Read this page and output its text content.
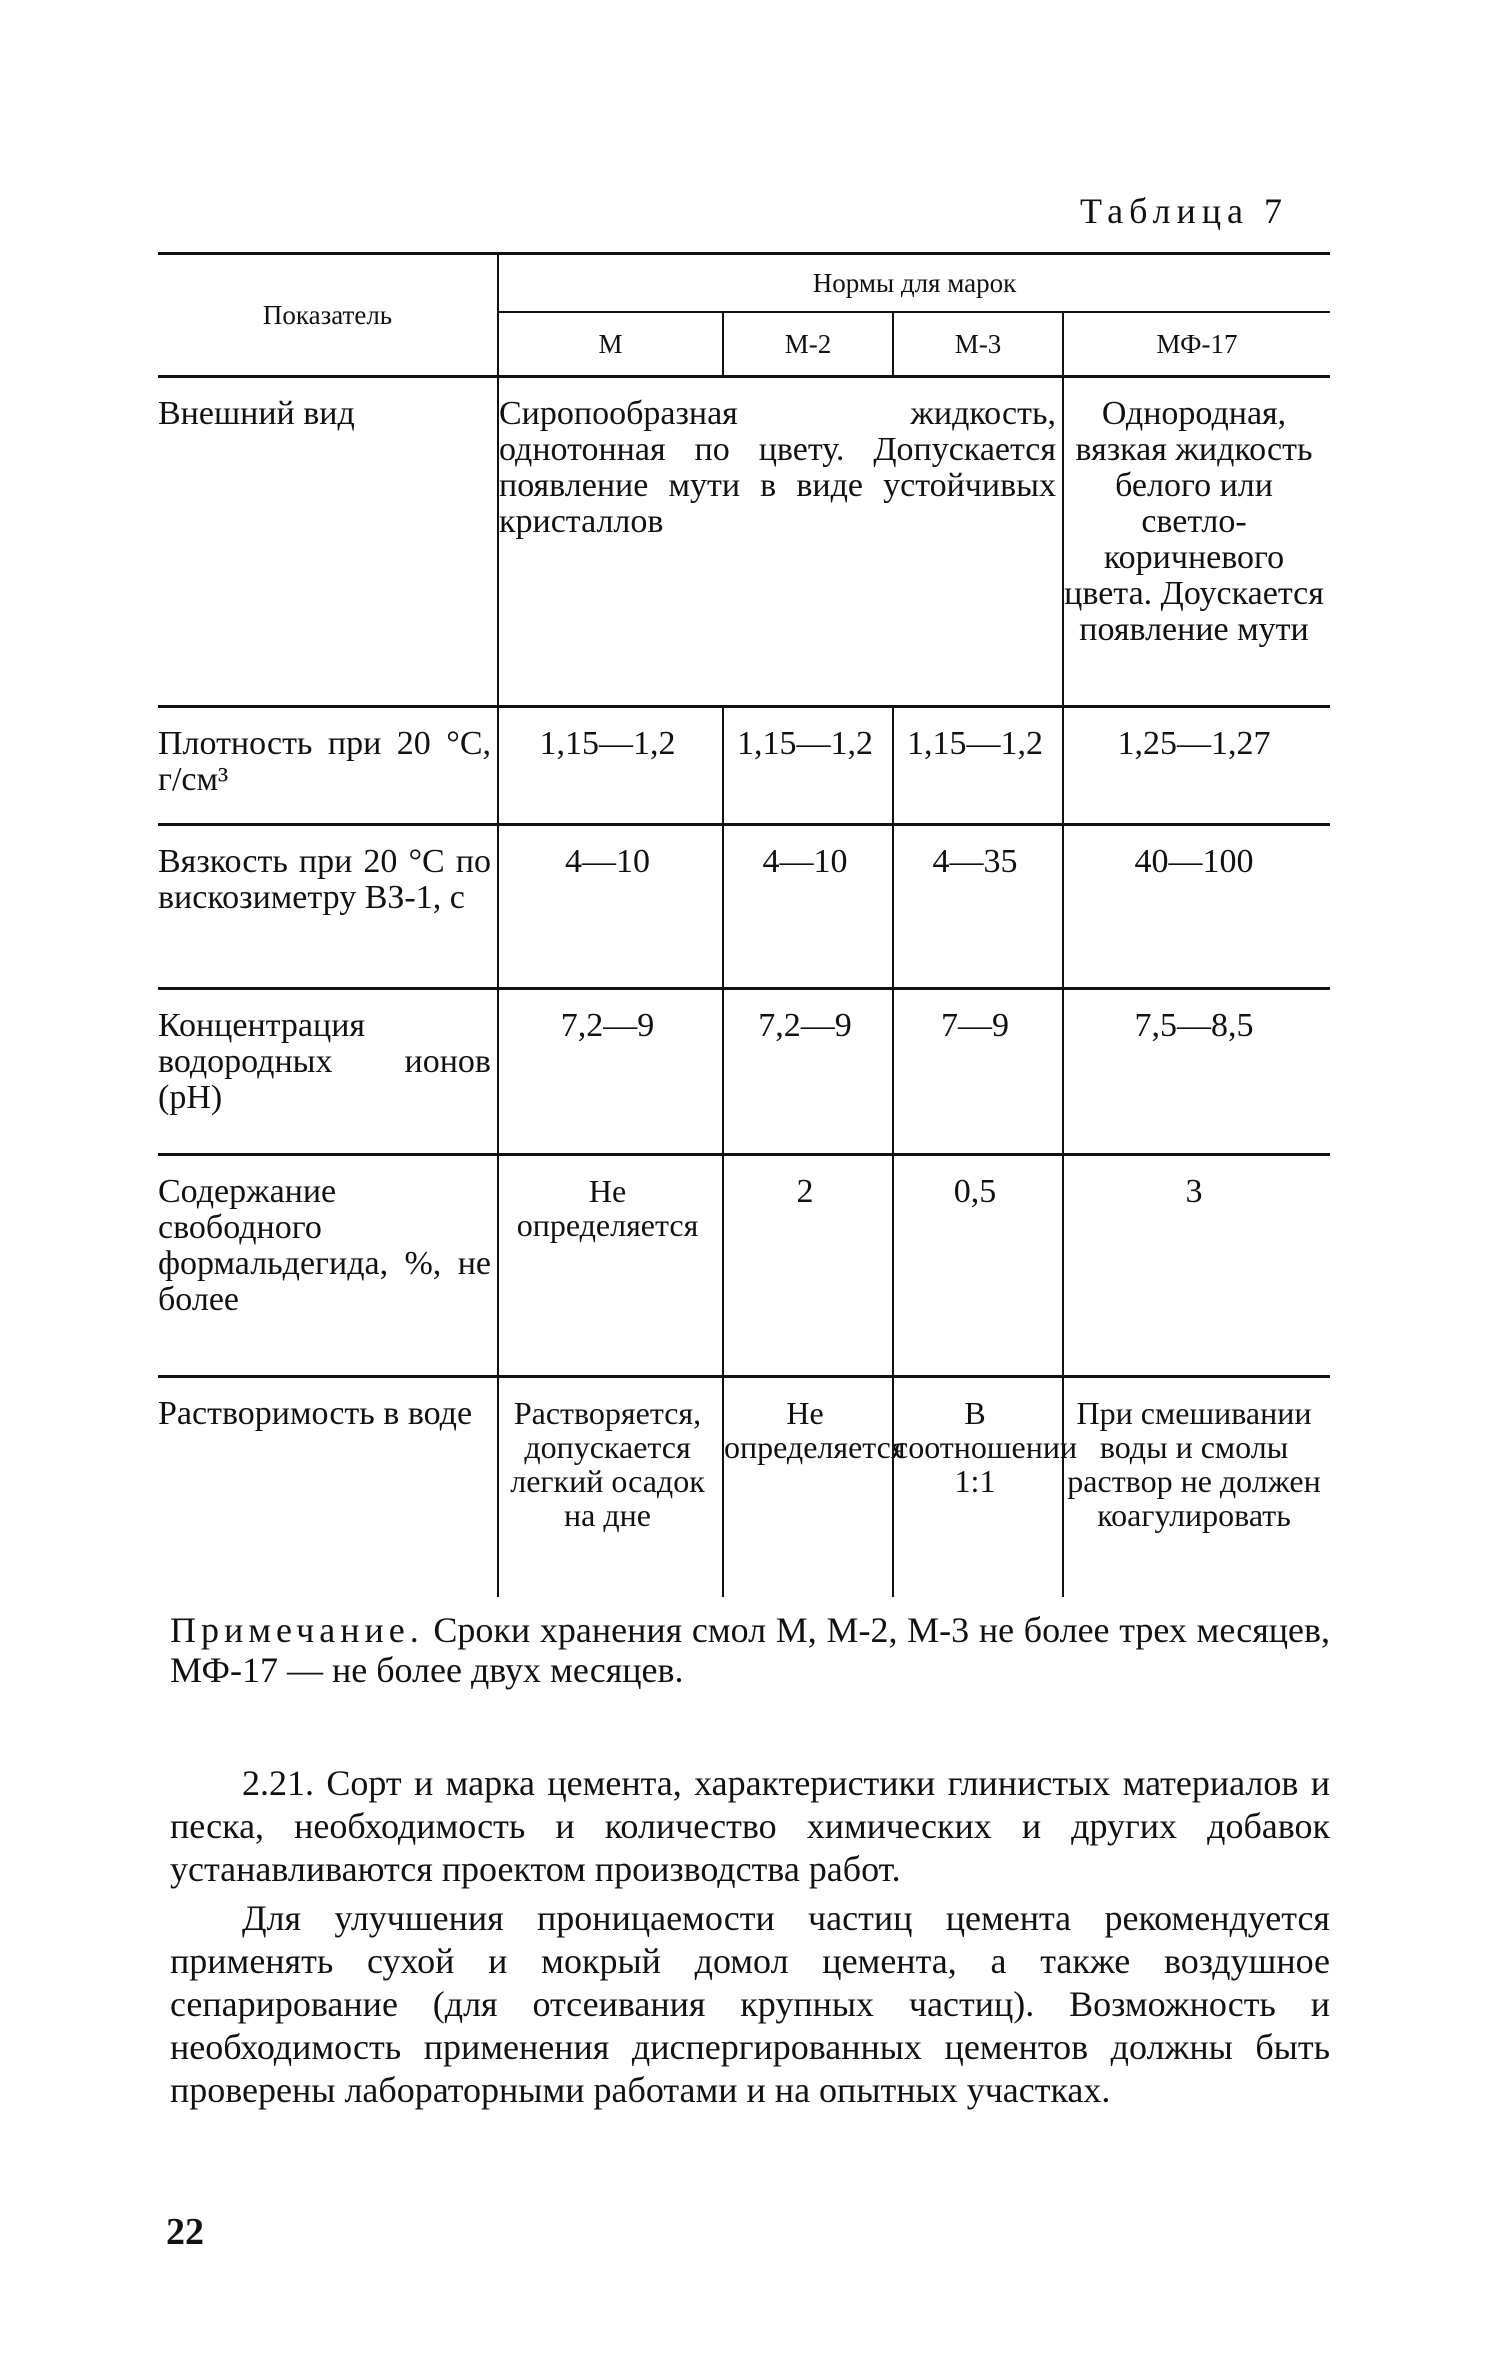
Таблица 7
Показатель	Нормы для марок			
	М	М-2	М-3	МФ-17
Внешний вид	Сиропообразная жидкость, однотонная по цвету. Допускается появление мути в виде устойчивых кристаллов			Однородная, вязкая жидкость белого или светло-коричневого цвета. Доускается появление мути
Плотность при 20 °С, г/см³	1,15—1,2	1,15—1,2	1,15—1,2	1,25—1,27
Вязкость при 20 °С по вискозиметру ВЗ-1, с	4—10	4—10	4—35	40—100
Концентрация водородных ионов (pH)	7,2—9	7,2—9	7—9	7,5—8,5
Содержание свободного формальдегида, %, не более	Не определяется	2	0,5	3
Растворимость в воде	Растворяется, допускается легкий осадок на дне	Не определяется	В соотношении 1:1	При смешивании воды и смолы раствор не должен коагулировать
Примечание. Сроки хранения смол М, М-2, М-3 не более трех месяцев, МФ-17 — не более двух месяцев.

2.21. Сорт и марка цемента, характеристики глинистых материалов и песка, необходимость и количество химических и других добавок устанавливаются проектом производства работ.

Для улучшения проницаемости частиц цемента рекомендуется применять сухой и мокрый домол цемента, а также воздушное сепарирование (для отсеивания крупных частиц). Возможность и необходимость применения диспергированных цементов должны быть проверены лабораторными работами и на опытных участках.

22
